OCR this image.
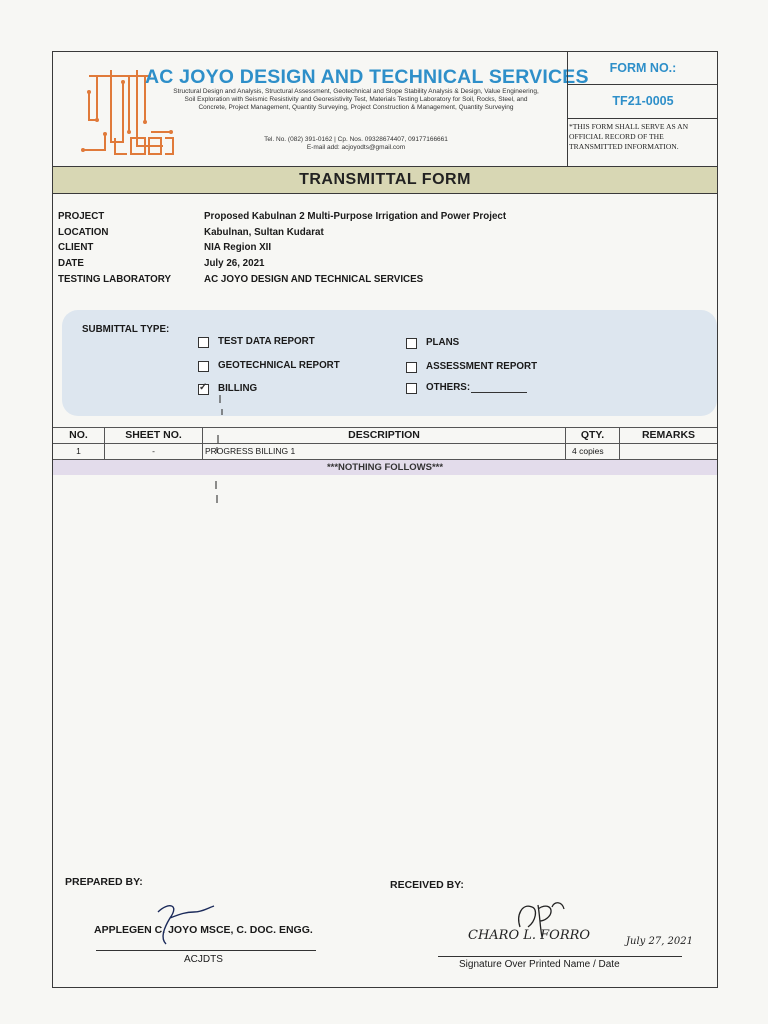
AC JOYO DESIGN AND TECHNICAL SERVICES
Structural Design and Analysis, Structural Assessment, Geotechnical and Slope Stability Analysis & Design, Value Engineering, Soil Exploration with Seismic Resistivity and Georesistivity Test, Materials Testing Laboratory for Soil, Rocks, Steel, and Concrete, Project Management, Quantity Surveying, Project Construction & Management, Quantity Surveying
Tel. No. (082) 391-0162 | Cp. Nos. 09328674407, 09177166661
E-mail add: acjoyodts@gmail.com
FORM NO.:
TF21-0005
*THIS FORM SHALL SERVE AS AN OFFICIAL RECORD OF THE TRANSMITTED INFORMATION.
TRANSMITTAL FORM
PROJECT	Proposed Kabulnan 2 Multi-Purpose Irrigation and Power Project
LOCATION	Kabulnan, Sultan Kudarat
CLIENT	NIA Region XII
DATE	July 26, 2021
TESTING LABORATORY	AC JOYO DESIGN AND TECHNICAL SERVICES
SUBMITTAL TYPE:
TEST DATA REPORT
GEOTECHNICAL REPORT
✓
BILLING
PLANS
ASSESSMENT REPORT
OTHERS:
NO.	SHEET NO.	DESCRIPTION	QTY.	REMARKS
1	-	PROGRESS BILLING 1	4 copies
***NOTHING FOLLOWS***
PREPARED BY:
APPLEGEN C. JOYO MSCE, C. DOC. ENGG.
ACJDTS
RECEIVED BY:
CHARO L. FORRO	July 27, 2021
Signature Over Printed Name / Date
